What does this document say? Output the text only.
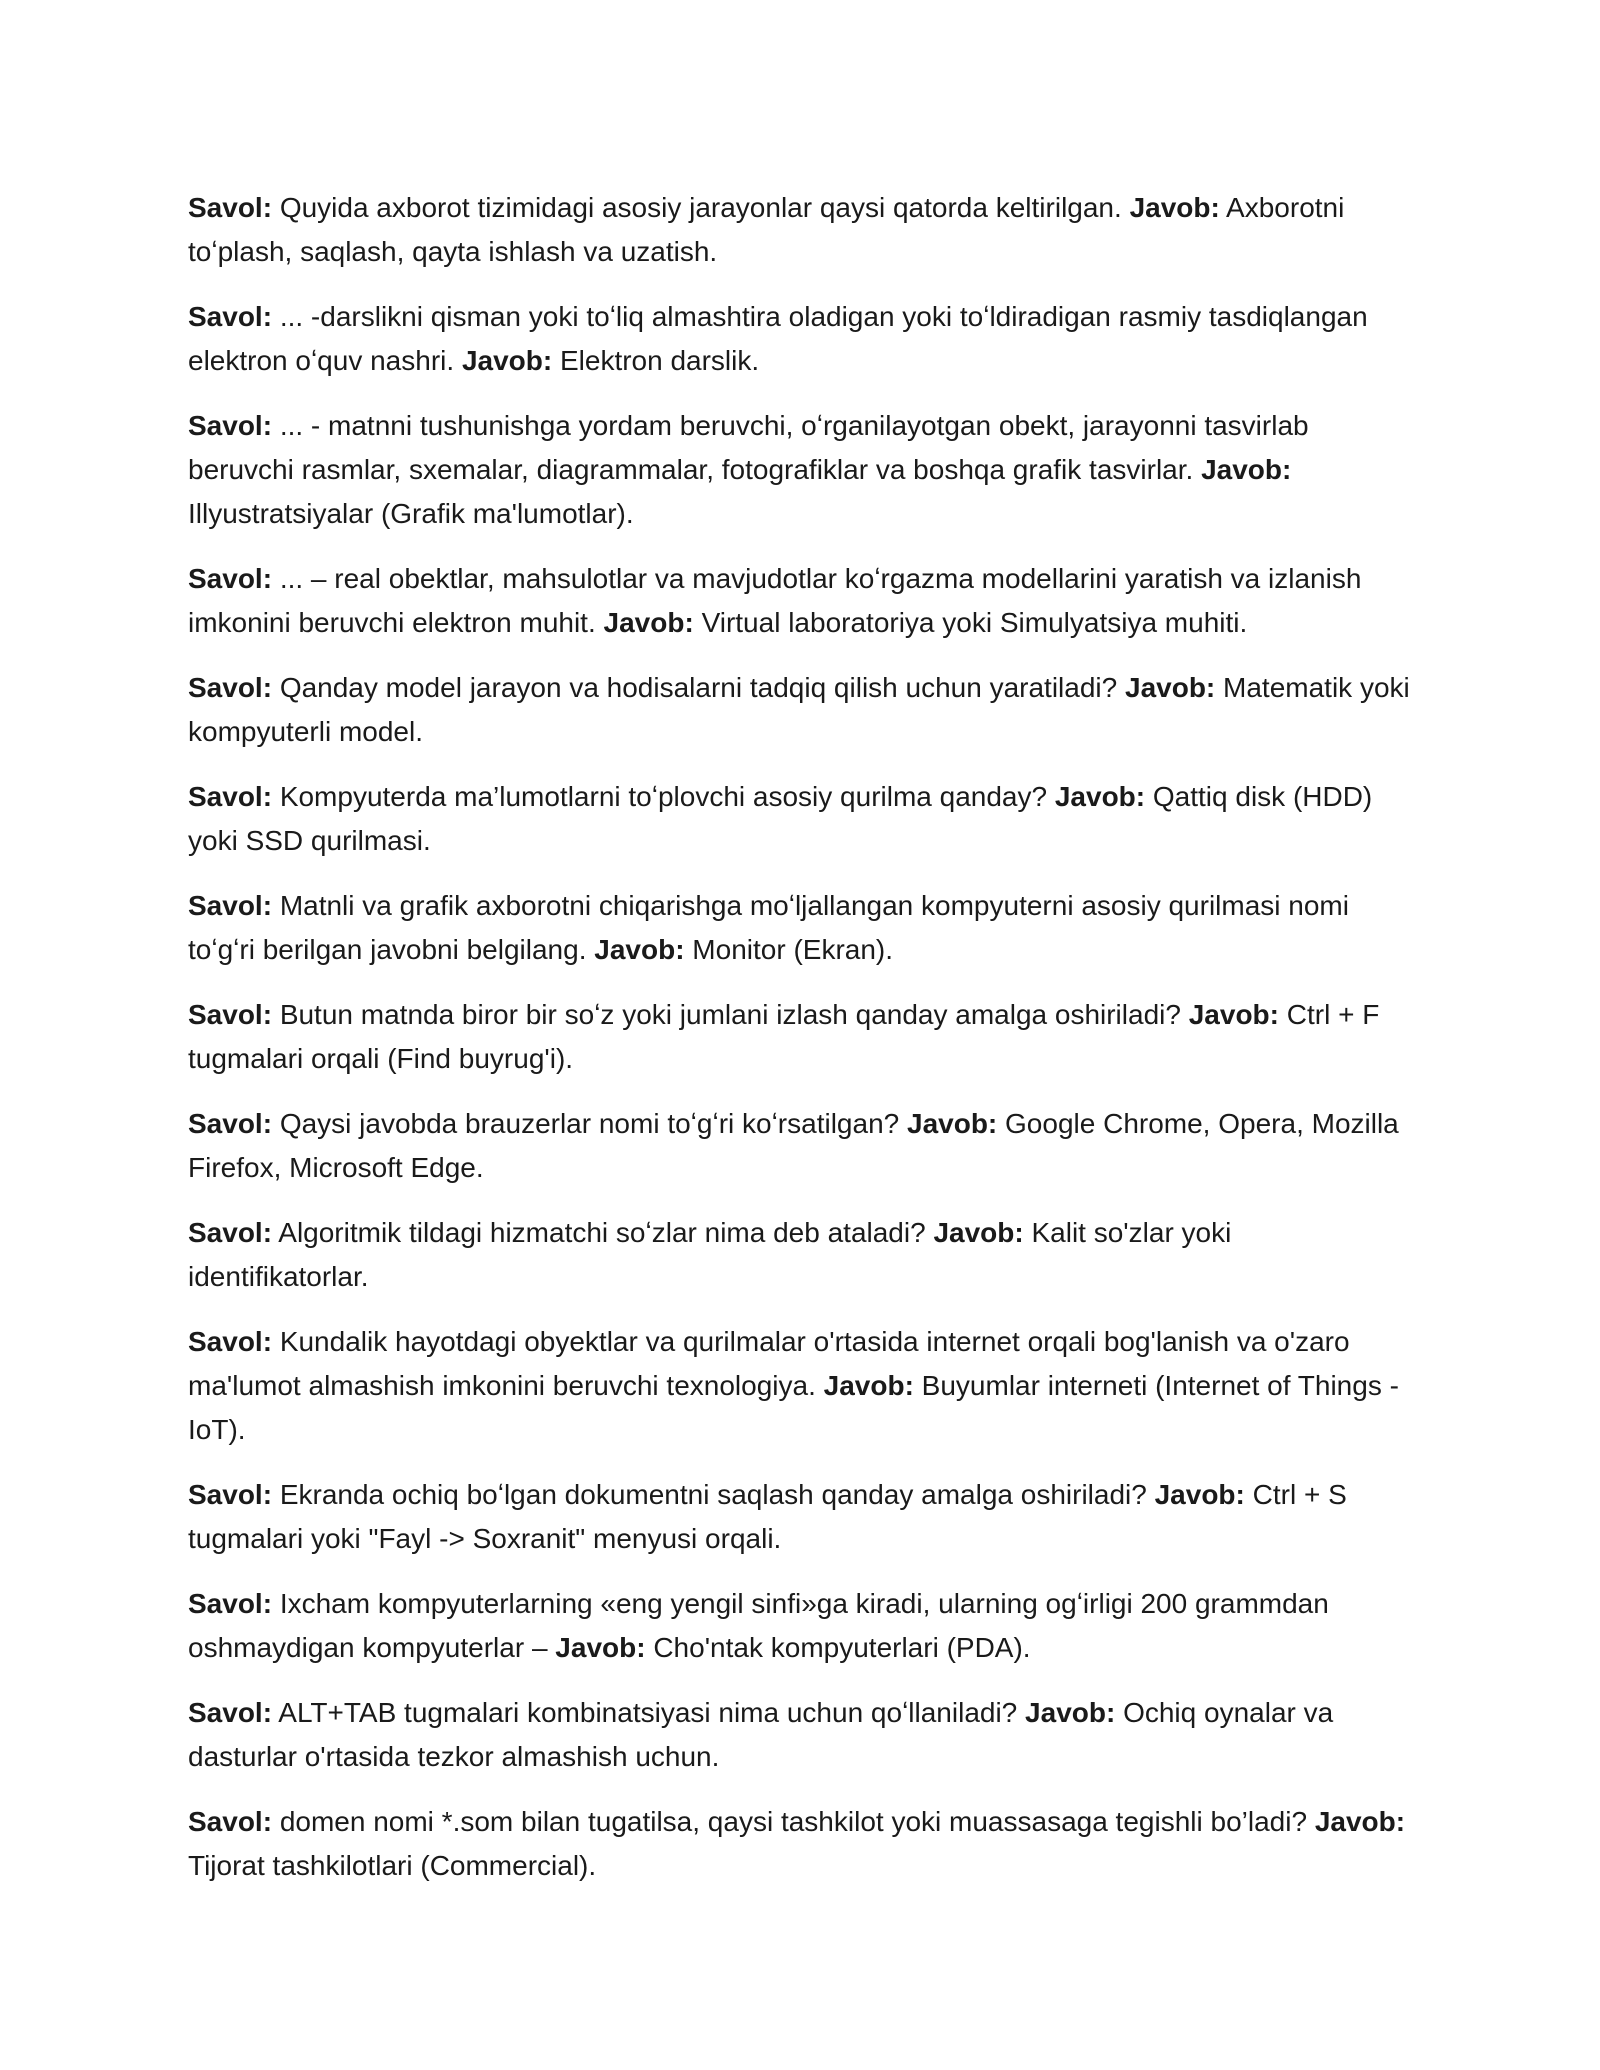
Savol: Quyida axborot tizimidagi asosiy jarayonlar qaysi qatorda keltirilgan. Javob: Axborotni toʻplash, saqlash, qayta ishlash va uzatish.

Savol: ... -darslikni qisman yoki toʻliq almashtira oladigan yoki toʻldiradigan rasmiy tasdiqlangan elektron oʻquv nashri. Javob: Elektron darslik.

Savol: ... - matnni tushunishga yordam beruvchi, oʻrganilayotgan obekt, jarayonni tasvirlab beruvchi rasmlar, sxemalar, diagrammalar, fotografiklar va boshqa grafik tasvirlar. Javob: Illyustratsiyalar (Grafik ma'lumotlar).

Savol: ... – real obektlar, mahsulotlar va mavjudotlar koʻrgazma modellarini yaratish va izlanish imkonini beruvchi elektron muhit. Javob: Virtual laboratoriya yoki Simulyatsiya muhiti.

Savol: Qanday model jarayon va hodisalarni tadqiq qilish uchun yaratiladi? Javob: Matematik yoki kompyuterli model.

Savol: Kompyuterda ma’lumotlarni toʻplovchi asosiy qurilma qanday? Javob: Qattiq disk (HDD) yoki SSD qurilmasi.

Savol: Matnli va grafik axborotni chiqarishga moʻljallangan kompyuterni asosiy qurilmasi nomi toʻgʻri berilgan javobni belgilang. Javob: Monitor (Ekran).

Savol: Butun matnda biror bir soʻz yoki jumlani izlash qanday amalga oshiriladi? Javob: Ctrl + F tugmalari orqali (Find buyrug'i).

Savol: Qaysi javobda brauzerlar nomi toʻgʻri koʻrsatilgan? Javob: Google Chrome, Opera, Mozilla Firefox, Microsoft Edge.

Savol: Algoritmik tildagi hizmatchi soʻzlar nima deb ataladi? Javob: Kalit so'zlar yoki identifikatorlar.

Savol: Kundalik hayotdagi obyektlar va qurilmalar o'rtasida internet orqali bog'lanish va o'zaro ma'lumot almashish imkonini beruvchi texnologiya. Javob: Buyumlar interneti (Internet of Things - IoT).

Savol: Ekranda ochiq boʻlgan dokumentni saqlash qanday amalga oshiriladi? Javob: Ctrl + S tugmalari yoki "Fayl -> Soxranit" menyusi orqali.

Savol: Ixcham kompyuterlarning «eng yengil sinfi»ga kiradi, ularning ogʻirligi 200 grammdan oshmaydigan kompyuterlar – Javob: Cho'ntak kompyuterlari (PDA).

Savol: ALT+TAB tugmalari kombinatsiyasi nima uchun qoʻllaniladi? Javob: Ochiq oynalar va dasturlar o'rtasida tezkor almashish uchun.

Savol: domen nomi *.som bilan tugatilsa, qaysi tashkilot yoki muassasaga tegishli bo’ladi? Javob: Tijorat tashkilotlari (Commercial).
